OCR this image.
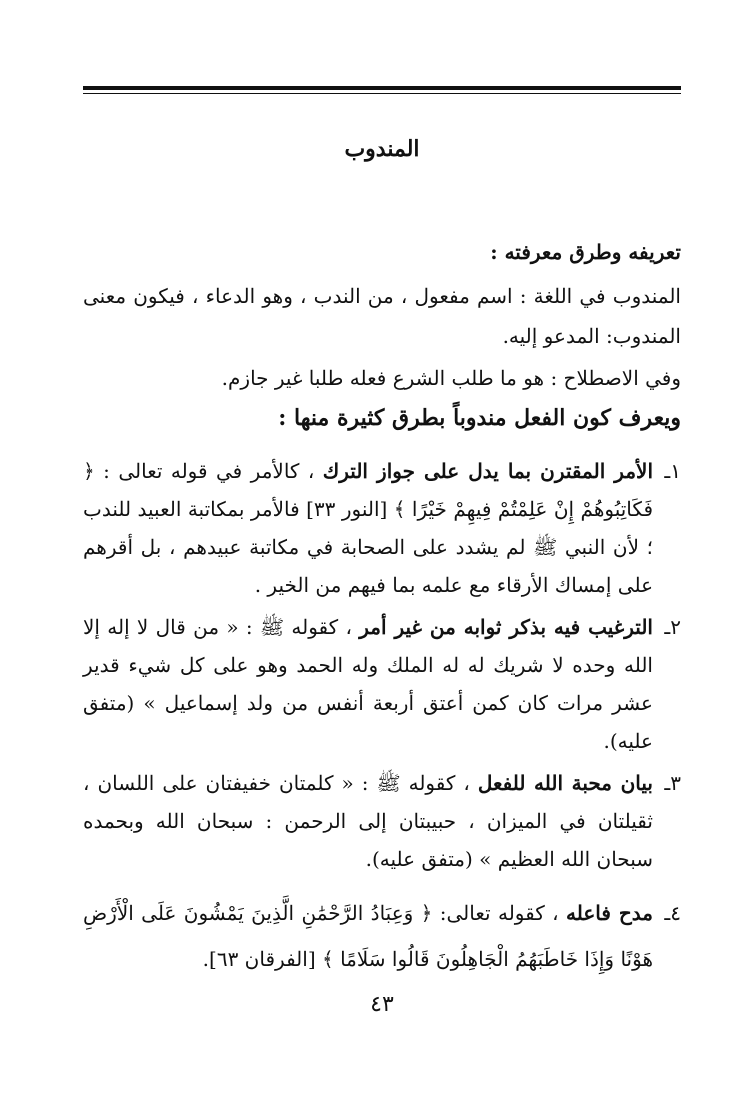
المندوب

تعريفه وطرق معرفته :

المندوب في اللغة : اسم مفعول ، من الندب ، وهو الدعاء ، فيكون معنى المندوب: المدعو إليه.

وفي الاصطلاح : هو ما طلب الشرع فعله طلبا غير جازم.

ويعرف كون الفعل مندوباً بطرق كثيرة منها :

١ـ
الأمر المقترن بما يدل على جواز الترك ، كالأمر في قوله تعالى : ﴿ فَكَاتِبُوهُمْ إِنْ عَلِمْتُمْ فِيهِمْ خَيْرًا ﴾ [النور ٣٣] فالأمر بمكاتبة العبيد للندب ؛ لأن النبي ﷺ لم يشدد على الصحابة في مكاتبة عبيدهم ، بل أقرهم على إمساك الأرقاء مع علمه بما فيهم من الخير .

٢ـ
الترغيب فيه بذكر ثوابه من غير أمر ، كقوله ﷺ : « من قال لا إله إلا الله وحده لا شريك له له الملك وله الحمد وهو على كل شيء قدير عشر مرات كان كمن أعتق أربعة أنفس من ولد إسماعيل » (متفق عليه).

٣ـ
بيان محبة الله للفعل ، كقوله ﷺ : « كلمتان خفيفتان على اللسان ، ثقيلتان في الميزان ، حبيبتان إلى الرحمن : سبحان الله وبحمده سبحان الله العظيم » (متفق عليه).

٤ـ
مدح فاعله ، كقوله تعالى: ﴿ وَعِبَادُ الرَّحْمَٰنِ الَّذِينَ يَمْشُونَ عَلَى الْأَرْضِ هَوْنًا وَإِذَا خَاطَبَهُمُ الْجَاهِلُونَ قَالُوا سَلَامًا ﴾ [الفرقان ٦٣].

٤٣
